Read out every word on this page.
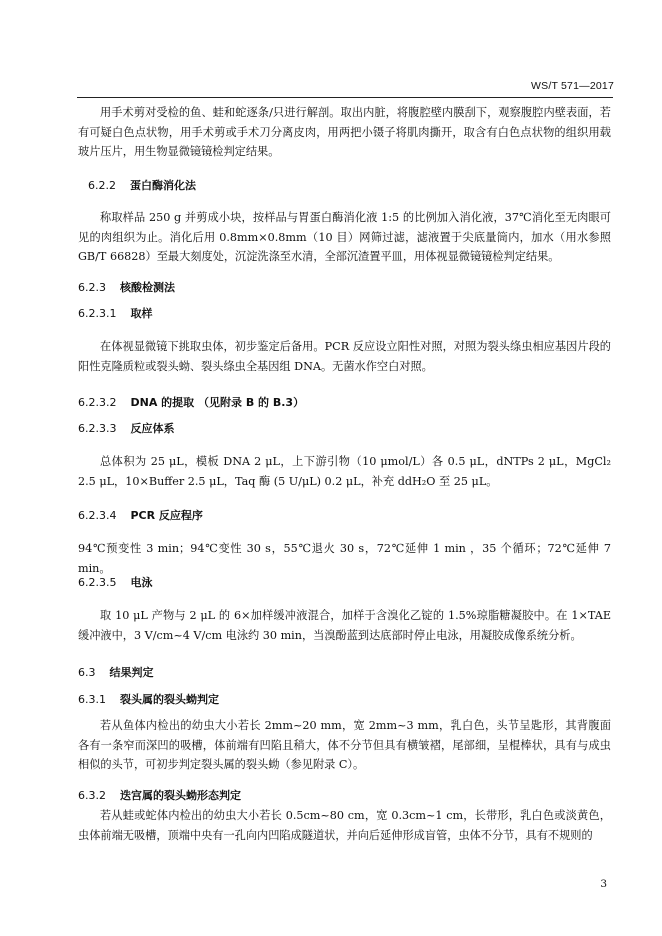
WS/T 571—2017

用手术剪对受检的鱼、蛙和蛇逐条/只进行解剖。取出内脏，将腹腔壁内膜刮下，观察腹腔内壁表面，若有可疑白色点状物，用手术剪或手术刀分离皮肉，用两把小镊子将肌肉撕开，取含有白色点状物的组织用载玻片压片，用生物显微镜镜检判定结果。

6.2.2 蛋白酶消化法

称取样品 250 g 并剪成小块，按样品与胃蛋白酶消化液 1:5 的比例加入消化液，37℃消化至无肉眼可见的肉组织为止。消化后用 0.8mm×0.8mm（10 目）网筛过滤，滤液置于尖底量筒内，加水（用水参照GB/T 66828）至最大刻度处，沉淀洗涤至水清，全部沉渣置平皿，用体视显微镜镜检判定结果。

6.2.3 核酸检测法

6.2.3.1 取样

在体视显微镜下挑取虫体，初步鉴定后备用。PCR 反应设立阳性对照，对照为裂头绦虫相应基因片段的阳性克隆质粒或裂头蚴、裂头绦虫全基因组 DNA。无菌水作空白对照。

6.2.3.2 DNA 的提取 （见附录 B 的 B.3）

6.2.3.3 反应体系

总体积为 25 μL，模板 DNA 2 μL，上下游引物（10 μmol/L）各 0.5 μL，dNTPs 2 μL，MgCl₂ 2.5 μL，10×Buffer 2.5 μL，Taq 酶 (5 U/μL) 0.2 μL，补充 ddH₂O 至 25 μL。

6.2.3.4 PCR 反应程序

94℃预变性 3 min；94℃变性 30 s，55℃退火 30 s，72℃延伸 1 min ，35 个循环；72℃延伸 7 min。

6.2.3.5 电泳

取 10 μL 产物与 2 μL 的 6×加样缓冲液混合，加样于含溴化乙锭的 1.5%琼脂糖凝胶中。在 1×TAE 缓冲液中，3 V/cm~4 V/cm 电泳约 30 min，当溴酚蓝到达底部时停止电泳，用凝胶成像系统分析。

6.3 结果判定

6.3.1 裂头属的裂头蚴判定

若从鱼体内检出的幼虫大小若长 2mm~20 mm，宽 2mm~3 mm，乳白色，头节呈匙形，其背腹面各有一条窄而深凹的吸槽，体前端有凹陷且稍大，体不分节但具有横皱褶，尾部细，呈棍棒状，具有与成虫相似的头节，可初步判定裂头属的裂头蚴（参见附录 C）。

6.3.2 迭宫属的裂头蚴形态判定

若从蛙或蛇体内检出的幼虫大小若长 0.5cm~80 cm，宽 0.3cm~1 cm，长带形，乳白色或淡黄色，虫体前端无吸槽，顶端中央有一孔向内凹陷成隧道状，并向后延伸形成盲管，虫体不分节，具有不规则的

3
